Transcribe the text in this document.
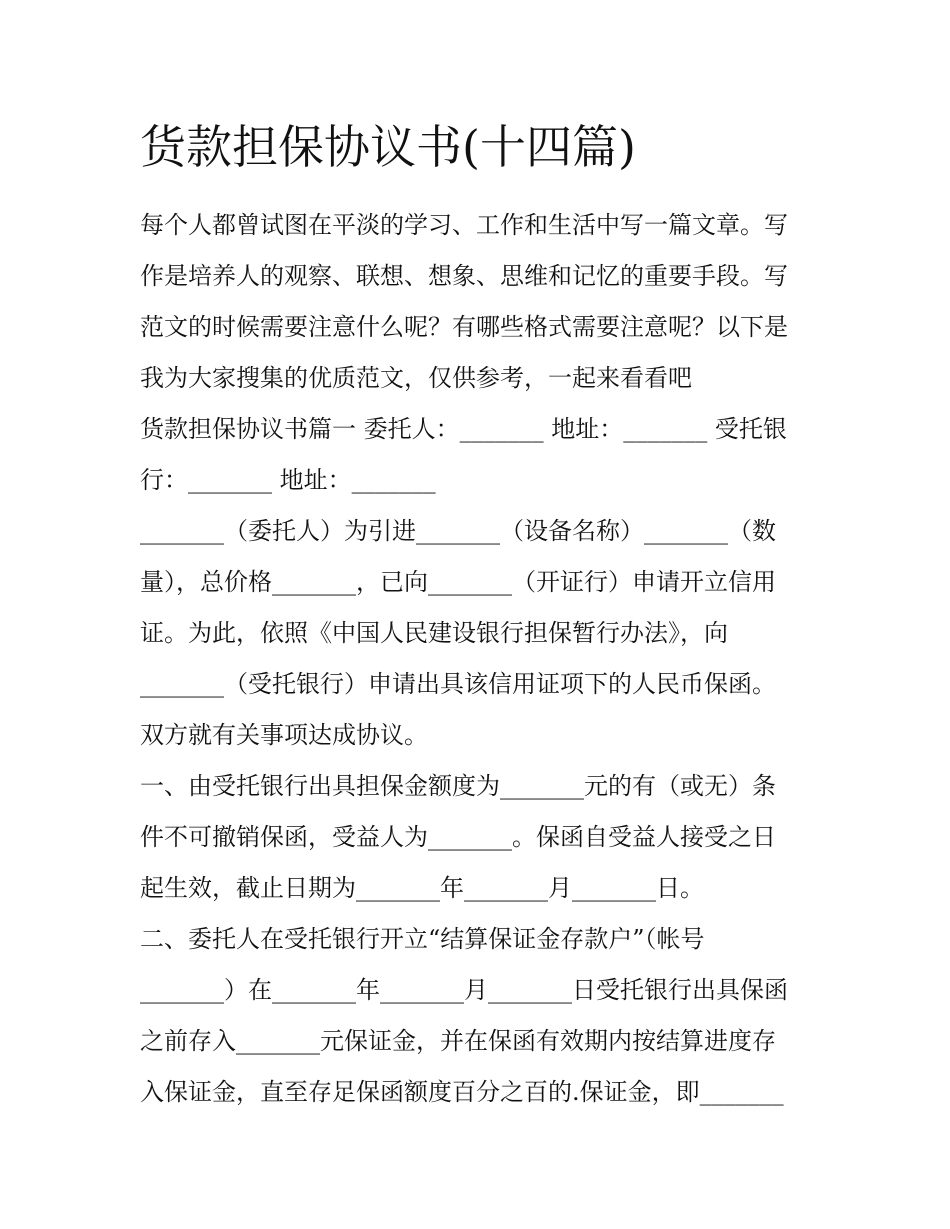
货款担保协议书(十四篇)
每个人都曾试图在平淡的学习、工作和生活中写一篇文章。写
作是培养人的观察、联想、想象、思维和记忆的重要手段。写
范文的时候需要注意什么呢？有哪些格式需要注意呢？以下是
我为大家搜集的优质范文，仅供参考，一起来看看吧
货款担保协议书篇一 委托人：_______ 地址：_______ 受托银
行：_______ 地址：_______
_______（委托人）为引进_______（设备名称）_______（数
量），总价格_______，已向_______（开证行）申请开立信用
证。为此，依照《中国人民建设银行担保暂行办法》，向
_______（受托银行）申请出具该信用证项下的人民币保函。
双方就有关事项达成协议。
一、由受托银行出具担保金额度为_______元的有（或无）条
件不可撤销保函，受益人为_______。保函自受益人接受之日
起生效，截止日期为_______年_______月_______日。
二、委托人在受托银行开立“结算保证金存款户”（帐号
_______）在_______年_______月_______日受托银行出具保函
之前存入_______元保证金，并在保函有效期内按结算进度存
入保证金，直至存足保函额度百分之百的.保证金，即_______
